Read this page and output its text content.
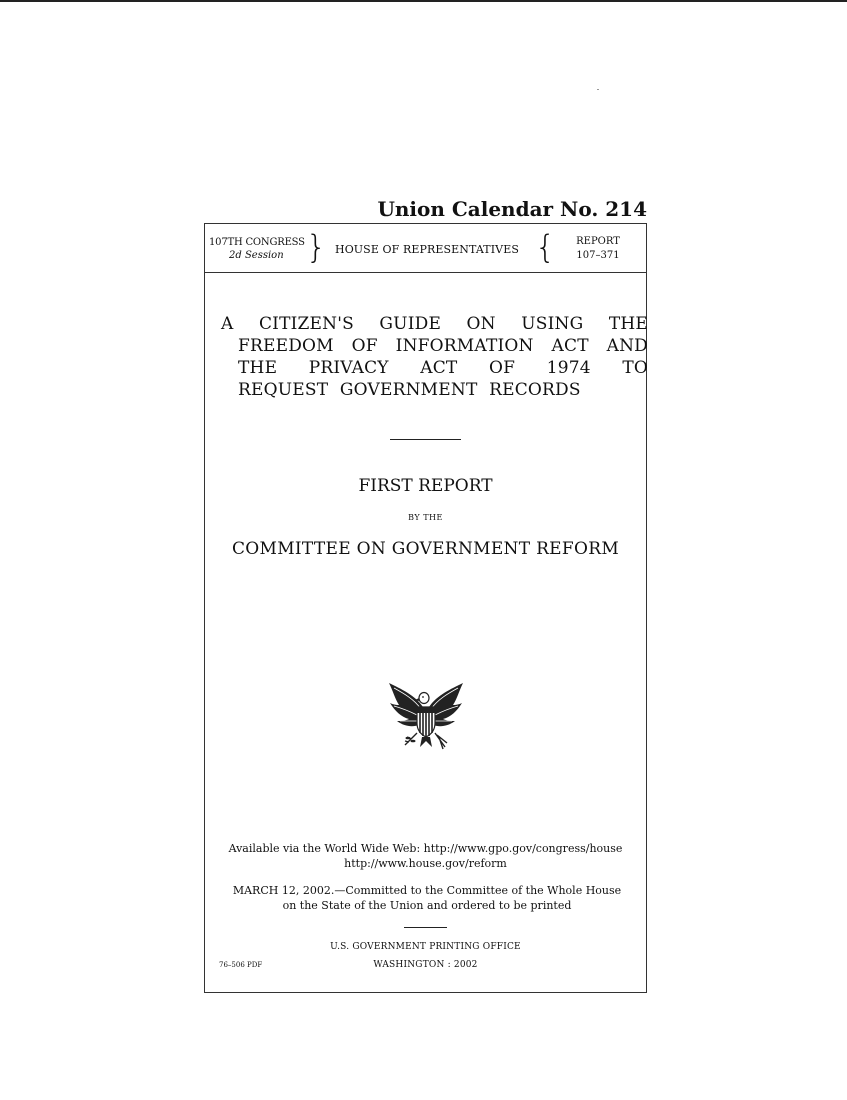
Union Calendar No. 214
107TH CONGRESS
2d Session } HOUSE OF REPRESENTATIVES {	REPORT
107–371
A CITIZEN'S GUIDE ON USING THE FREEDOM OF INFORMATION ACT AND THE PRIVACY ACT OF 1974 TO REQUEST GOVERNMENT RECORDS
FIRST REPORT
BY THE
COMMITTEE ON GOVERNMENT REFORM
Available via the World Wide Web: http://www.gpo.gov/congress/house
http://www.house.gov/reform
MARCH 12, 2002.—Committed to the Committee of the Whole House on the State of the Union and ordered to be printed
U.S. GOVERNMENT PRINTING OFFICE
76–506 PDF	WASHINGTON : 2002
